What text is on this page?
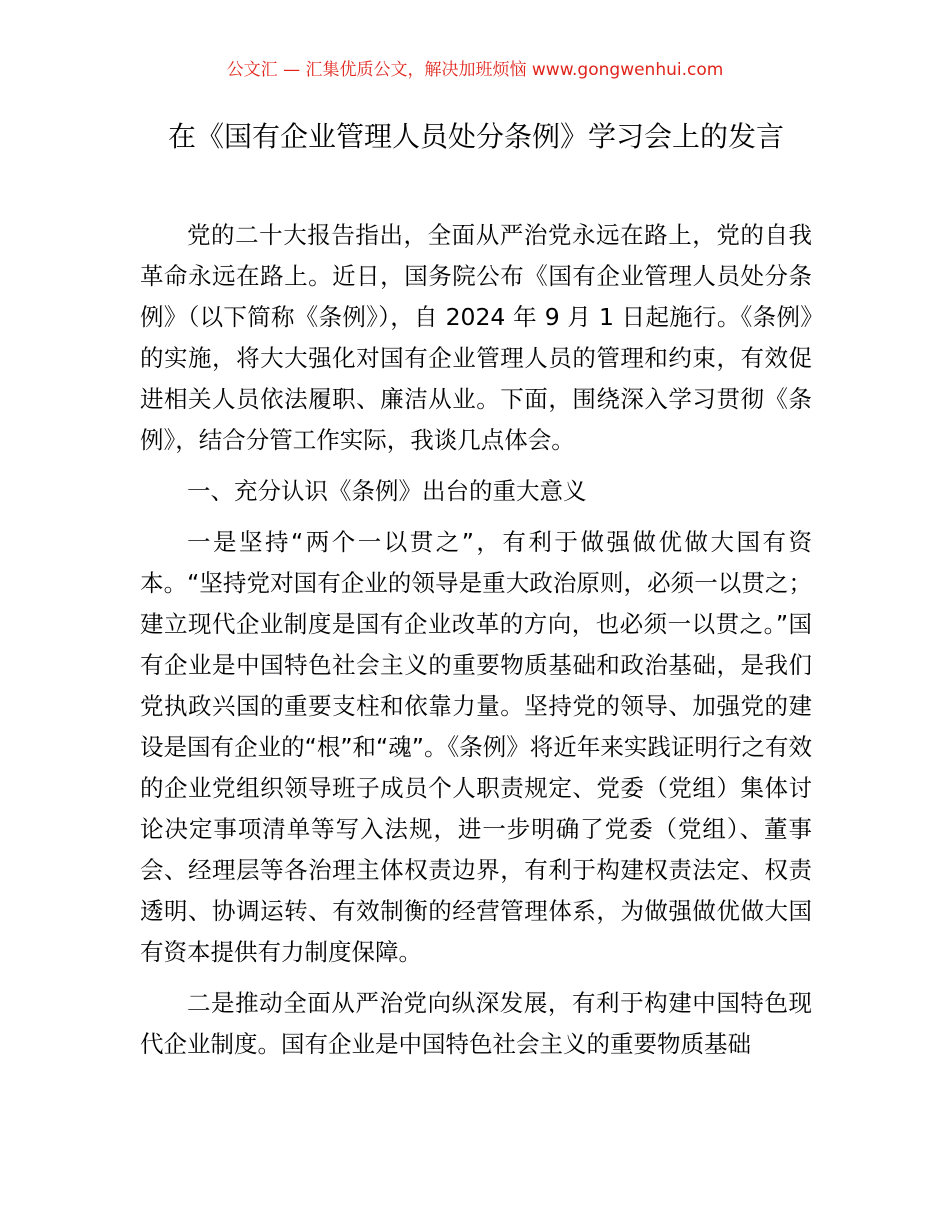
公文汇 — 汇集优质公文，解决加班烦恼 www.gongwenhui.com
在《国有企业管理人员处分条例》学习会上的发言

党的二十大报告指出，全面从严治党永远在路上，党的自我革命永远在路上。近日，国务院公布《国有企业管理人员处分条例》（以下简称《条例》），自 2024 年 9 月 1 日起施行。《条例》的实施，将大大强化对国有企业管理人员的管理和约束，有效促进相关人员依法履职、廉洁从业。下面，围绕深入学习贯彻《条例》，结合分管工作实际，我谈几点体会。

一、充分认识《条例》出台的重大意义

一是坚持“两个一以贯之”，有利于做强做优做大国有资本。“坚持党对国有企业的领导是重大政治原则，必须一以贯之；建立现代企业制度是国有企业改革的方向，也必须一以贯之。”国有企业是中国特色社会主义的重要物质基础和政治基础，是我们党执政兴国的重要支柱和依靠力量。坚持党的领导、加强党的建设是国有企业的“根”和“魂”。《条例》将近年来实践证明行之有效的企业党组织领导班子成员个人职责规定、党委（党组）集体讨论决定事项清单等写入法规，进一步明确了党委（党组）、董事会、经理层等各治理主体权责边界，有利于构建权责法定、权责透明、协调运转、有效制衡的经营管理体系，为做强做优做大国有资本提供有力制度保障。

二是推动全面从严治党向纵深发展，有利于构建中国特色现代企业制度。国有企业是中国特色社会主义的重要物质基础
